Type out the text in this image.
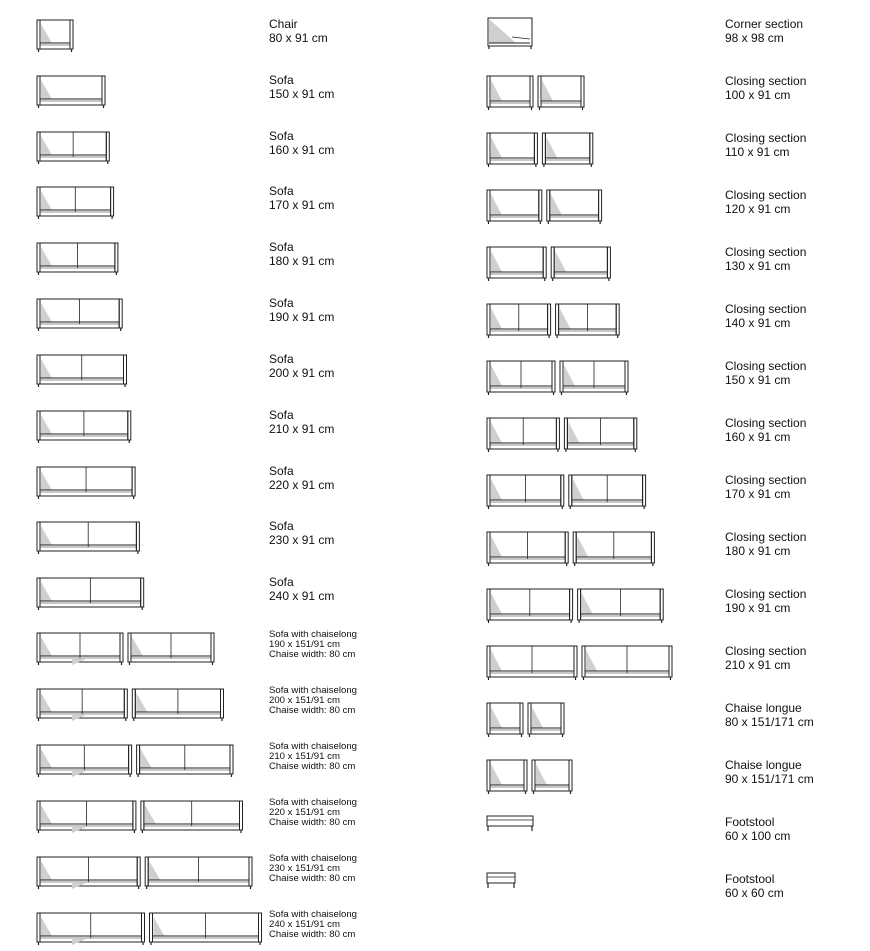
Chair
80 x 91 cm
Sofa
150 x 91 cm
Sofa
160 x 91 cm
Sofa
170 x 91 cm
Sofa
180 x 91 cm
Sofa
190 x 91 cm
Sofa
200 x 91 cm
Sofa
210 x 91 cm
Sofa
220 x 91 cm
Sofa
230 x 91 cm
Sofa
240 x 91 cm
Sofa with chaiselong
190 x 151/91 cm
Chaise width: 80 cm
Sofa with chaiselong
200 x 151/91 cm
Chaise width: 80 cm
Sofa with chaiselong
210 x 151/91 cm
Chaise width: 80 cm
Sofa with chaiselong
220 x 151/91 cm
Chaise width: 80 cm
Sofa with chaiselong
230 x 151/91 cm
Chaise width: 80 cm
Sofa with chaiselong
240 x 151/91 cm
Chaise width: 80 cm
Corner section
98 x 98 cm
Closing section
100 x 91 cm
Closing section
110 x 91 cm
Closing section
120 x 91 cm
Closing section
130 x 91 cm
Closing section
140 x 91 cm
Closing section
150 x 91 cm
Closing section
160 x 91 cm
Closing section
170 x 91 cm
Closing section
180 x 91 cm
Closing section
190 x 91 cm
Closing section
210 x 91 cm
Chaise longue
80 x 151/171 cm
Chaise longue
90 x 151/171 cm
Footstool
60 x 100 cm
Footstool
60 x 60 cm
